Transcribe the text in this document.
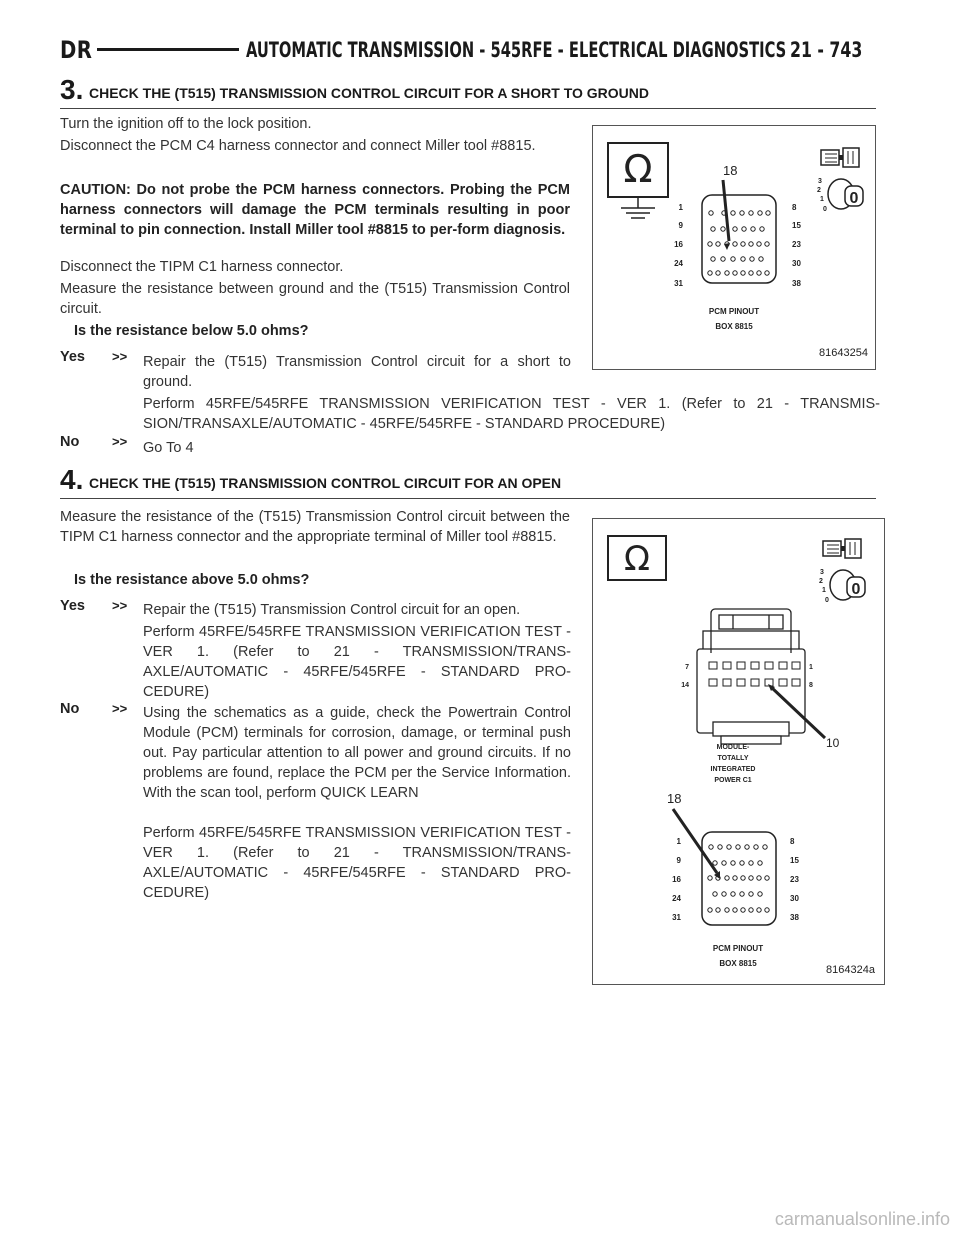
DR	AUTOMATIC TRANSMISSION - 545RFE - ELECTRICAL DIAGNOSTICS 21 - 743
3. CHECK THE (T515) TRANSMISSION CONTROL CIRCUIT FOR A SHORT TO GROUND
Turn the ignition off to the lock position.
Disconnect the PCM C4 harness connector and connect Miller tool #8815.
CAUTION: Do not probe the PCM harness connectors. Probing the PCM harness connectors will damage the PCM terminals resulting in poor terminal to pin connection. Install Miller tool #8815 to per-form diagnosis.
Disconnect the TIPM C1 harness connector.
Measure the resistance between ground and the (T515) Transmission Control circuit.
Is the resistance below 5.0 ohms?
Yes >> Repair the (T515) Transmission Control circuit for a short to ground.
Perform 45RFE/545RFE TRANSMISSION VERIFICATION TEST - VER 1. (Refer to 21 - TRANSMIS-SION/TRANSAXLE/AUTOMATIC - 45RFE/545RFE - STANDARD PROCEDURE)
No	>> Go To 4
Ω	3
2
1
0
0
18
1
9
16
24
31
8
15
23
30
38
PCM PINOUT
BOX 8815
81643254
4. CHECK THE (T515) TRANSMISSION CONTROL CIRCUIT FOR AN OPEN
Measure the resistance of the (T515) Transmission Control circuit between the TIPM C1 harness connector and the appropriate terminal of Miller tool #8815.
Is the resistance above 5.0 ohms?
Yes >> Repair the (T515) Transmission Control circuit for an open.
Perform 45RFE/545RFE TRANSMISSION VERIFICATION TEST - VER 1. (Refer to 21 - TRANSMISSION/TRANS-AXLE/AUTOMATIC - 45RFE/545RFE - STANDARD PRO-CEDURE)
No	>> Using the schematics as a guide, check the Powertrain Control Module (PCM) terminals for corrosion, damage, or terminal push out. Pay particular attention to all power and ground circuits. If no problems are found, replace the PCM per the Service Information. With the scan tool, perform QUICK LEARN
Perform 45RFE/545RFE TRANSMISSION VERIFICATION TEST - VER 1. (Refer to 21 - TRANSMISSION/TRANS-AXLE/AUTOMATIC - 45RFE/545RFE - STANDARD PRO-CEDURE)
Ω	3
2
1
0
0
7
14
1
8
10
MODULE-
TOTALLY
INTEGRATED
POWER C1
18
1
9
16
24
31
8
15
23
30
38
PCM PINOUT
BOX 8815
8164324a
carmanualsonline.info
